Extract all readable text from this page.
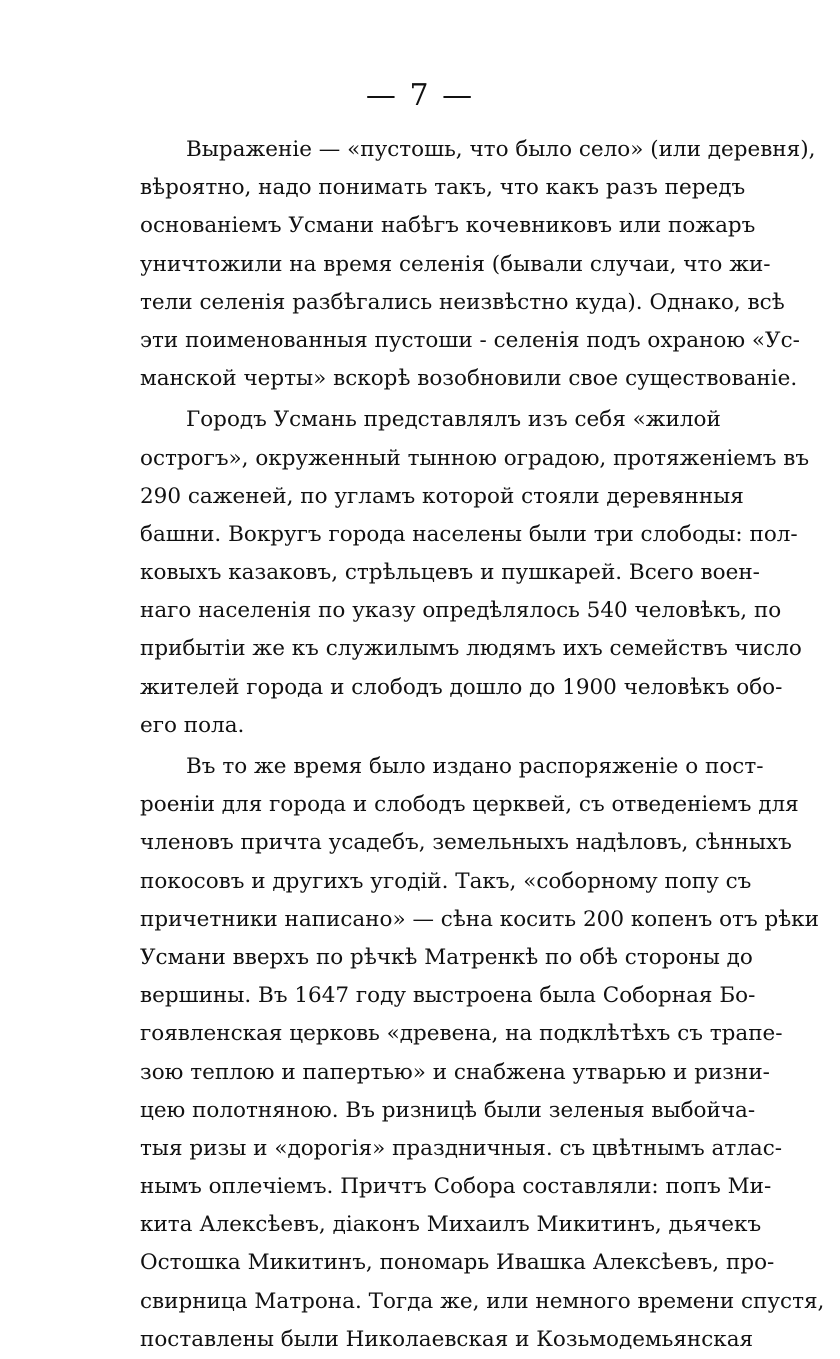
— 7 —
Выраженіе — «пустошь, что было село» (или деревня),
вѣроятно, надо понимать такъ, что какъ разъ передъ
основаніемъ Усмани набѣгъ кочевниковъ или пожаръ
уничтожили на время селенія (бывали случаи, что жи-
тели селенія разбѣгались неизвѣстно куда). Однако, всѣ
эти поименованныя пустоши - селенія подъ охраною «Ус-
манской черты» вскорѣ возобновили свое существованіе.
Городъ Усмань представлялъ изъ себя «жилой
острогъ», окруженный тынною оградою, протяженіемъ въ
290 саженей, по угламъ которой стояли деревянныя
башни. Вокругъ города населены были три слободы: пол-
ковыхъ казаковъ, стрѣльцевъ и пушкарей. Всего воен-
наго населенія по указу опредѣлялось 540 человѣкъ, по
прибытіи же къ служилымъ людямъ ихъ семействъ число
жителей города и слободъ дошло до 1900 человѣкъ обо-
его пола.
Въ то же время было издано распоряженіе о пост-
роеніи для города и слободъ церквей, съ отведеніемъ для
членовъ причта усадебъ, земельныхъ надѣловъ, сѣнныхъ
покосовъ и другихъ угодій. Такъ, «соборному попу съ
причетники написано» — сѣна косить 200 копенъ отъ рѣки
Усмани вверхъ по рѣчкѣ Матренкѣ по обѣ стороны до
вершины. Въ 1647 году выстроена была Соборная Бо-
гоявленская церковь «древена, на подклѣтѣхъ съ трапе-
зою теплою и папертью» и снабжена утварью и ризни-
цею полотняною. Въ ризницѣ были зеленыя выбойча-
тыя ризы и «дорогія» праздничныя. съ цвѣтнымъ атлас-
нымъ оплечіемъ. Причтъ Собора составляли: попъ Ми-
кита Алексѣевъ, діаконъ Михаилъ Микитинъ, дьячекъ
Остошка Микитинъ, пономарь Ивашка Алексѣевъ, про-
свирница Матрона. Тогда же, или немного времени спустя,
поставлены были Николаевская и Козьмодемьянская
